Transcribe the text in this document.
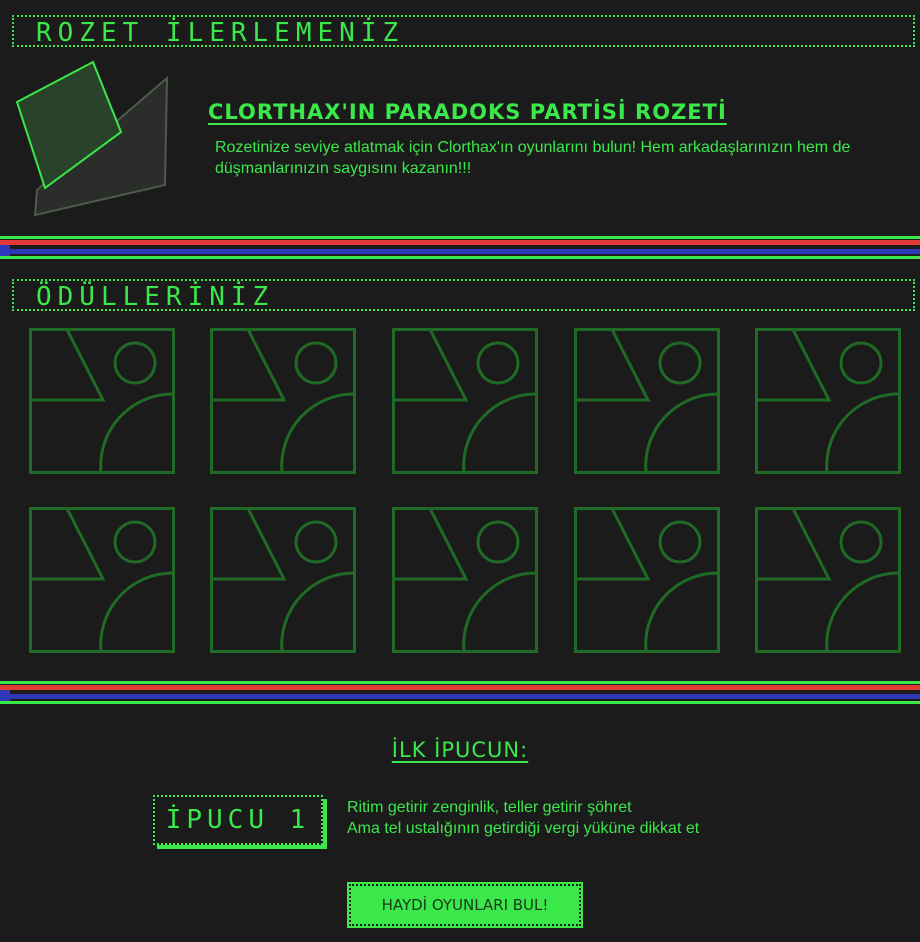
ROZET İLERLEMENİZ
CLORTHAX'IN PARADOKS PARTİSİ ROZETİ
Rozetinize seviye atlatmak için Clorthax'ın oyunlarını bulun! Hem arkadaşlarınızın hem de düşmanlarınızın saygısını kazanın!!!
ÖDÜLLERİNİZ
İLK İPUCUN:
İPUCU 1	Ritim getirir zenginlik, teller getirir şöhret
Ama tel ustalığının getirdiği vergi yüküne dikkat et
HAYDİ OYUNLARI BUL!
